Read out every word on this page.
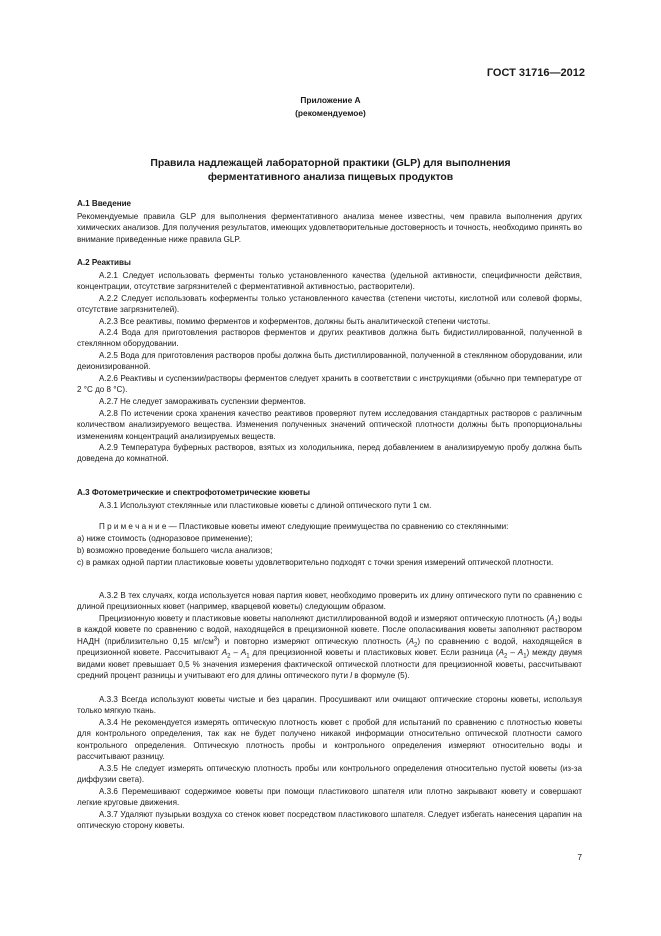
ГОСТ 31716—2012
Приложение А
(рекомендуемое)
Правила надлежащей лабораторной практики (GLP) для выполнения
ферментативного анализа пищевых продуктов
А.1 Введение
Рекомендуемые правила GLP для выполнения ферментативного анализа менее известны, чем правила выполнения других химических анализов. Для получения результатов, имеющих удовлетворительные достоверность и точность, необходимо принять во внимание приведенные ниже правила GLP.
А.2 Реактивы
А.2.1 Следует использовать ферменты только установленного качества (удельной активности, специфичности действия, концентрации, отсутствие загрязнителей с ферментативной активностью, растворители).
А.2.2 Следует использовать коферменты только установленного качества (степени чистоты, кислотной или солевой формы, отсутствие загрязнителей).
А.2.3 Все реактивы, помимо ферментов и коферментов, должны быть аналитической степени чистоты.
А.2.4 Вода для приготовления растворов ферментов и других реактивов должна быть бидистиллированной, полученной в стеклянном оборудовании.
А.2.5 Вода для приготовления растворов пробы должна быть дистиллированной, полученной в стеклянном оборудовании, или деионизированной.
А.2.6 Реактивы и суспензии/растворы ферментов следует хранить в соответствии с инструкциями (обычно при температуре от 2 °С до 8 °С).
А.2.7 Не следует замораживать суспензии ферментов.
А.2.8 По истечении срока хранения качество реактивов проверяют путем исследования стандартных растворов с различным количеством анализируемого вещества. Изменения полученных значений оптической плотности должны быть пропорциональны изменениям концентраций анализируемых веществ.
А.2.9 Температура буферных растворов, взятых из холодильника, перед добавлением в анализируемую пробу должна быть доведена до комнатной.
А.3 Фотометрические и спектрофотометрические кюветы
А.3.1 Используют стеклянные или пластиковые кюветы с длиной оптического пути 1 см.
П р и м е ч а н и е — Пластиковые кюветы имеют следующие преимущества по сравнению со стеклянными:
а) ниже стоимость (одноразовое применение);
b) возможно проведение большего числа анализов;
с) в рамках одной партии пластиковые кюветы удовлетворительно подходят с точки зрения измерений оптической плотности.
А.3.2 В тех случаях, когда используется новая партия кювет, необходимо проверить их длину оптического пути по сравнению с длиной прецизионных кювет (например, кварцевой кюветы) следующим образом.
Прецизионную кювету и пластиковые кюветы наполняют дистиллированной водой и измеряют оптическую плотность $(A_1)$ воды в каждой кювете по сравнению с водой, находящейся в прецизионной кювете. После ополаскивания кюветы заполняют раствором НАДН (приблизительно 0,15 $мг/см^3$) и повторно измеряют оптическую плотность $(A_2)$ по сравнению с водой, находящейся в прецизионной кювете. Рассчитывают $A_2 - A_1$ для прецизионной кюветы и пластиковых кювет. Если разница $(A_2 - A_1)$ между двумя видами кювет превышает 0,5 % значения измерения фактической оптической плотности для прецизионной кюветы, рассчитывают средний процент разницы и учитывают его для длины оптического пути l в формуле (5).
А.3.3 Всегда используют кюветы чистые и без царапин. Просушивают или очищают оптические стороны кюветы, используя только мягкую ткань.
А.3.4 Не рекомендуется измерять оптическую плотность кювет с пробой для испытаний по сравнению с плотностью кюветы для контрольного определения, так как не будет получено никакой информации относительно оптической плотности самого контрольного определения. Оптическую плотность пробы и контрольного определения измеряют относительно воды и рассчитывают разницу.
А.3.5 Не следует измерять оптическую плотность пробы или контрольного определения относительно пустой кюветы (из-за диффузии света).
А.3.6 Перемешивают содержимое кюветы при помощи пластикового шпателя или плотно закрывают кювету и совершают легкие круговые движения.
А.3.7 Удаляют пузырьки воздуха со стенок кювет посредством пластикового шпателя. Следует избегать нанесения царапин на оптическую сторону кюветы.
7
